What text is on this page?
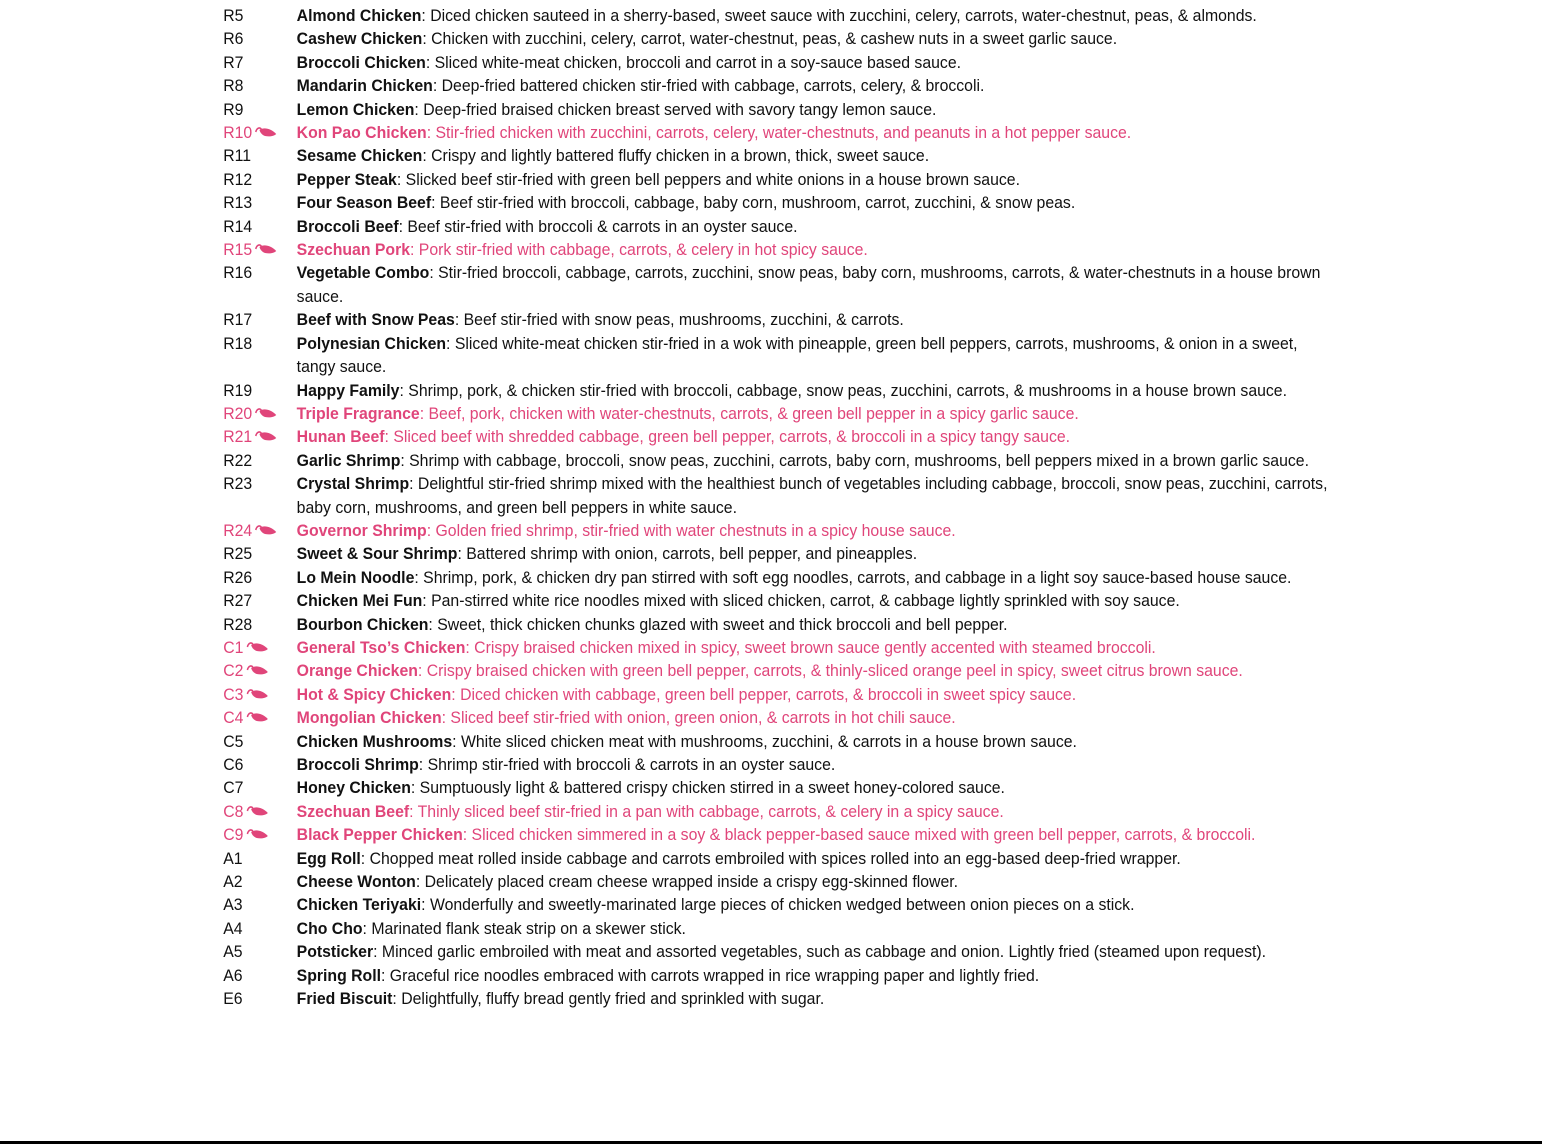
R5	Almond Chicken: Diced chicken sauteed in a sherry-based, sweet sauce with zucchini, celery, carrots, water-chestnut, peas, & almonds.
R6	Cashew Chicken: Chicken with zucchini, celery, carrot, water-chestnut, peas, & cashew nuts in a sweet garlic sauce.
R7	Broccoli Chicken: Sliced white-meat chicken, broccoli and carrot in a soy-sauce based sauce.
R8	Mandarin Chicken: Deep-fried battered chicken stir-fried with cabbage, carrots, celery, & broccoli.
R9	Lemon Chicken: Deep-fried braised chicken breast served with savory tangy lemon sauce.
R10	Kon Pao Chicken: Stir-fried chicken with zucchini, carrots, celery, water-chestnuts, and peanuts in a hot pepper sauce.
R11	Sesame Chicken: Crispy and lightly battered fluffy chicken in a brown, thick, sweet sauce.
R12	Pepper Steak: Slicked beef stir-fried with green bell peppers and white onions in a house brown sauce.
R13	Four Season Beef: Beef stir-fried with broccoli, cabbage, baby corn, mushroom, carrot, zucchini, & snow peas.
R14	Broccoli Beef: Beef stir-fried with broccoli & carrots in an oyster sauce.
R15	Szechuan Pork: Pork stir-fried with cabbage, carrots, & celery in hot spicy sauce.
R16	Vegetable Combo: Stir-fried broccoli, cabbage, carrots, zucchini, snow peas, baby corn, mushrooms, carrots, & water-chestnuts in a house brown sauce.
R17	Beef with Snow Peas: Beef stir-fried with snow peas, mushrooms, zucchini, & carrots.
R18	Polynesian Chicken: Sliced white-meat chicken stir-fried in a wok with pineapple, green bell peppers, carrots, mushrooms, & onion in a sweet, tangy sauce.
R19	Happy Family: Shrimp, pork, & chicken stir-fried with broccoli, cabbage, snow peas, zucchini, carrots, & mushrooms in a house brown sauce.
R20	Triple Fragrance: Beef, pork, chicken with water-chestnuts, carrots, & green bell pepper in a spicy garlic sauce.
R21	Hunan Beef: Sliced beef with shredded cabbage, green bell pepper, carrots, & broccoli in a spicy tangy sauce.
R22	Garlic Shrimp: Shrimp with cabbage, broccoli, snow peas, zucchini, carrots, baby corn, mushrooms, bell peppers mixed in a brown garlic sauce.
R23	Crystal Shrimp: Delightful stir-fried shrimp mixed with the healthiest bunch of vegetables including cabbage, broccoli, snow peas, zucchini, carrots, baby corn, mushrooms, and green bell peppers in white sauce.
R24	Governor Shrimp: Golden fried shrimp, stir-fried with water chestnuts in a spicy house sauce.
R25	Sweet & Sour Shrimp: Battered shrimp with onion, carrots, bell pepper, and pineapples.
R26	Lo Mein Noodle: Shrimp, pork, & chicken dry pan stirred with soft egg noodles, carrots, and cabbage in a light soy sauce-based house sauce.
R27	Chicken Mei Fun: Pan-stirred white rice noodles mixed with sliced chicken, carrot, & cabbage lightly sprinkled with soy sauce.
R28	Bourbon Chicken: Sweet, thick chicken chunks glazed with sweet and thick broccoli and bell pepper.
C1	General Tso’s Chicken: Crispy braised chicken mixed in spicy, sweet brown sauce gently accented with steamed broccoli.
C2	Orange Chicken: Crispy braised chicken with green bell pepper, carrots, & thinly-sliced orange peel in spicy, sweet citrus brown sauce.
C3	Hot & Spicy Chicken: Diced chicken with cabbage, green bell pepper, carrots, & broccoli in sweet spicy sauce.
C4	Mongolian Chicken: Sliced beef stir-fried with onion, green onion, & carrots in hot chili sauce.
C5	Chicken Mushrooms: White sliced chicken meat with mushrooms, zucchini, & carrots in a house brown sauce.
C6	Broccoli Shrimp: Shrimp stir-fried with broccoli & carrots in an oyster sauce.
C7	Honey Chicken: Sumptuously light & battered crispy chicken stirred in a sweet honey-colored sauce.
C8	Szechuan Beef: Thinly sliced beef stir-fried in a pan with cabbage, carrots, & celery in a spicy sauce.
C9	Black Pepper Chicken: Sliced chicken simmered in a soy & black pepper-based sauce mixed with green bell pepper, carrots, & broccoli.
A1	Egg Roll: Chopped meat rolled inside cabbage and carrots embroiled with spices rolled into an egg-based deep-fried wrapper.
A2	Cheese Wonton: Delicately placed cream cheese wrapped inside a crispy egg-skinned flower.
A3	Chicken Teriyaki: Wonderfully and sweetly-marinated large pieces of chicken wedged between onion pieces on a stick.
A4	Cho Cho: Marinated flank steak strip on a skewer stick.
A5	Potsticker: Minced garlic embroiled with meat and assorted vegetables, such as cabbage and onion. Lightly fried (steamed upon request).
A6	Spring Roll: Graceful rice noodles embraced with carrots wrapped in rice wrapping paper and lightly fried.
E6	Fried Biscuit: Delightfully, fluffy bread gently fried and sprinkled with sugar.
